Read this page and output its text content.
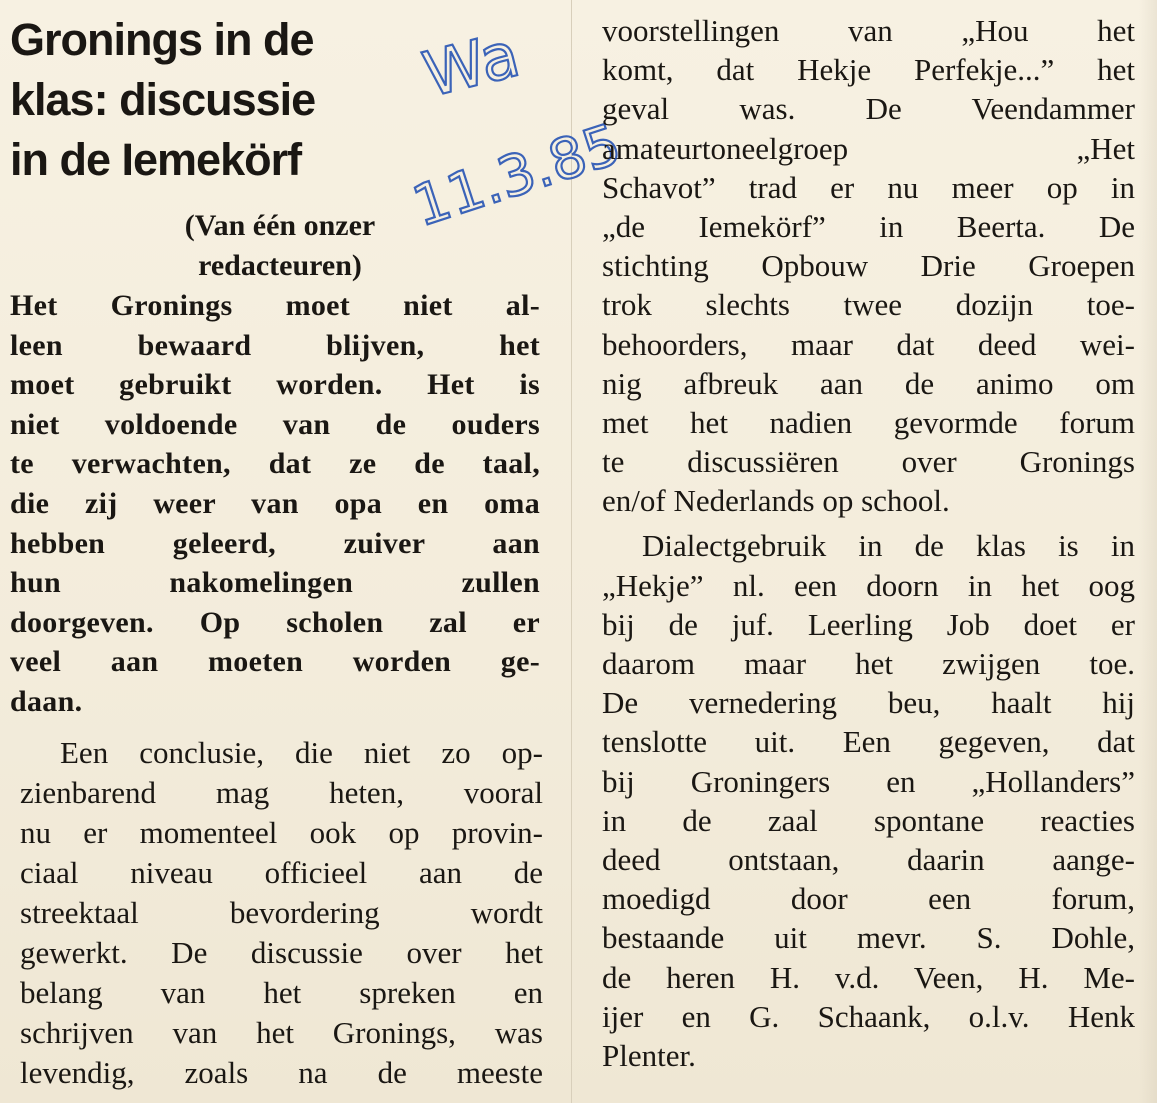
Gronings in de
klas: discussie
in de Iemekörf
Wa
11.3.85

(Van één onzer
redacteuren)

Het Gronings moet niet al-
leen bewaard blijven, het
moet gebruikt worden. Het is
niet voldoende van de ouders
te verwachten, dat ze de taal,
die zij weer van opa en oma
hebben geleerd, zuiver aan
hun nakomelingen zullen
doorgeven. Op scholen zal er
veel aan moeten worden ge-
daan.
Een conclusie, die niet zo op-
zienbarend mag heten, vooral
nu er momenteel ook op provin-
ciaal niveau officieel aan de
streektaal bevordering wordt
gewerkt. De discussie over het
belang van het spreken en
schrijven van het Gronings, was
levendig, zoals na de meeste
voorstellingen van „Hou het
komt, dat Hekje Perfekje...” het
geval was. De Veendammer
amateurtoneelgroep „Het
Schavot” trad er nu meer op in
„de Iemekörf” in Beerta. De
stichting Opbouw Drie Groepen
trok slechts twee dozijn toe-
behoorders, maar dat deed wei-
nig afbreuk aan de animo om
met het nadien gevormde forum
te discussiëren over Gronings
en/of Nederlands op school.
Dialectgebruik in de klas is in
„Hekje” nl. een doorn in het oog
bij de juf. Leerling Job doet er
daarom maar het zwijgen toe.
De vernedering beu, haalt hij
tenslotte uit. Een gegeven, dat
bij Groningers en „Hollanders”
in de zaal spontane reacties
deed ontstaan, daarin aange-
moedigd door een forum,
bestaande uit mevr. S. Dohle,
de heren H. v.d. Veen, H. Me-
ijer en G. Schaank, o.l.v. Henk
Plenter.
